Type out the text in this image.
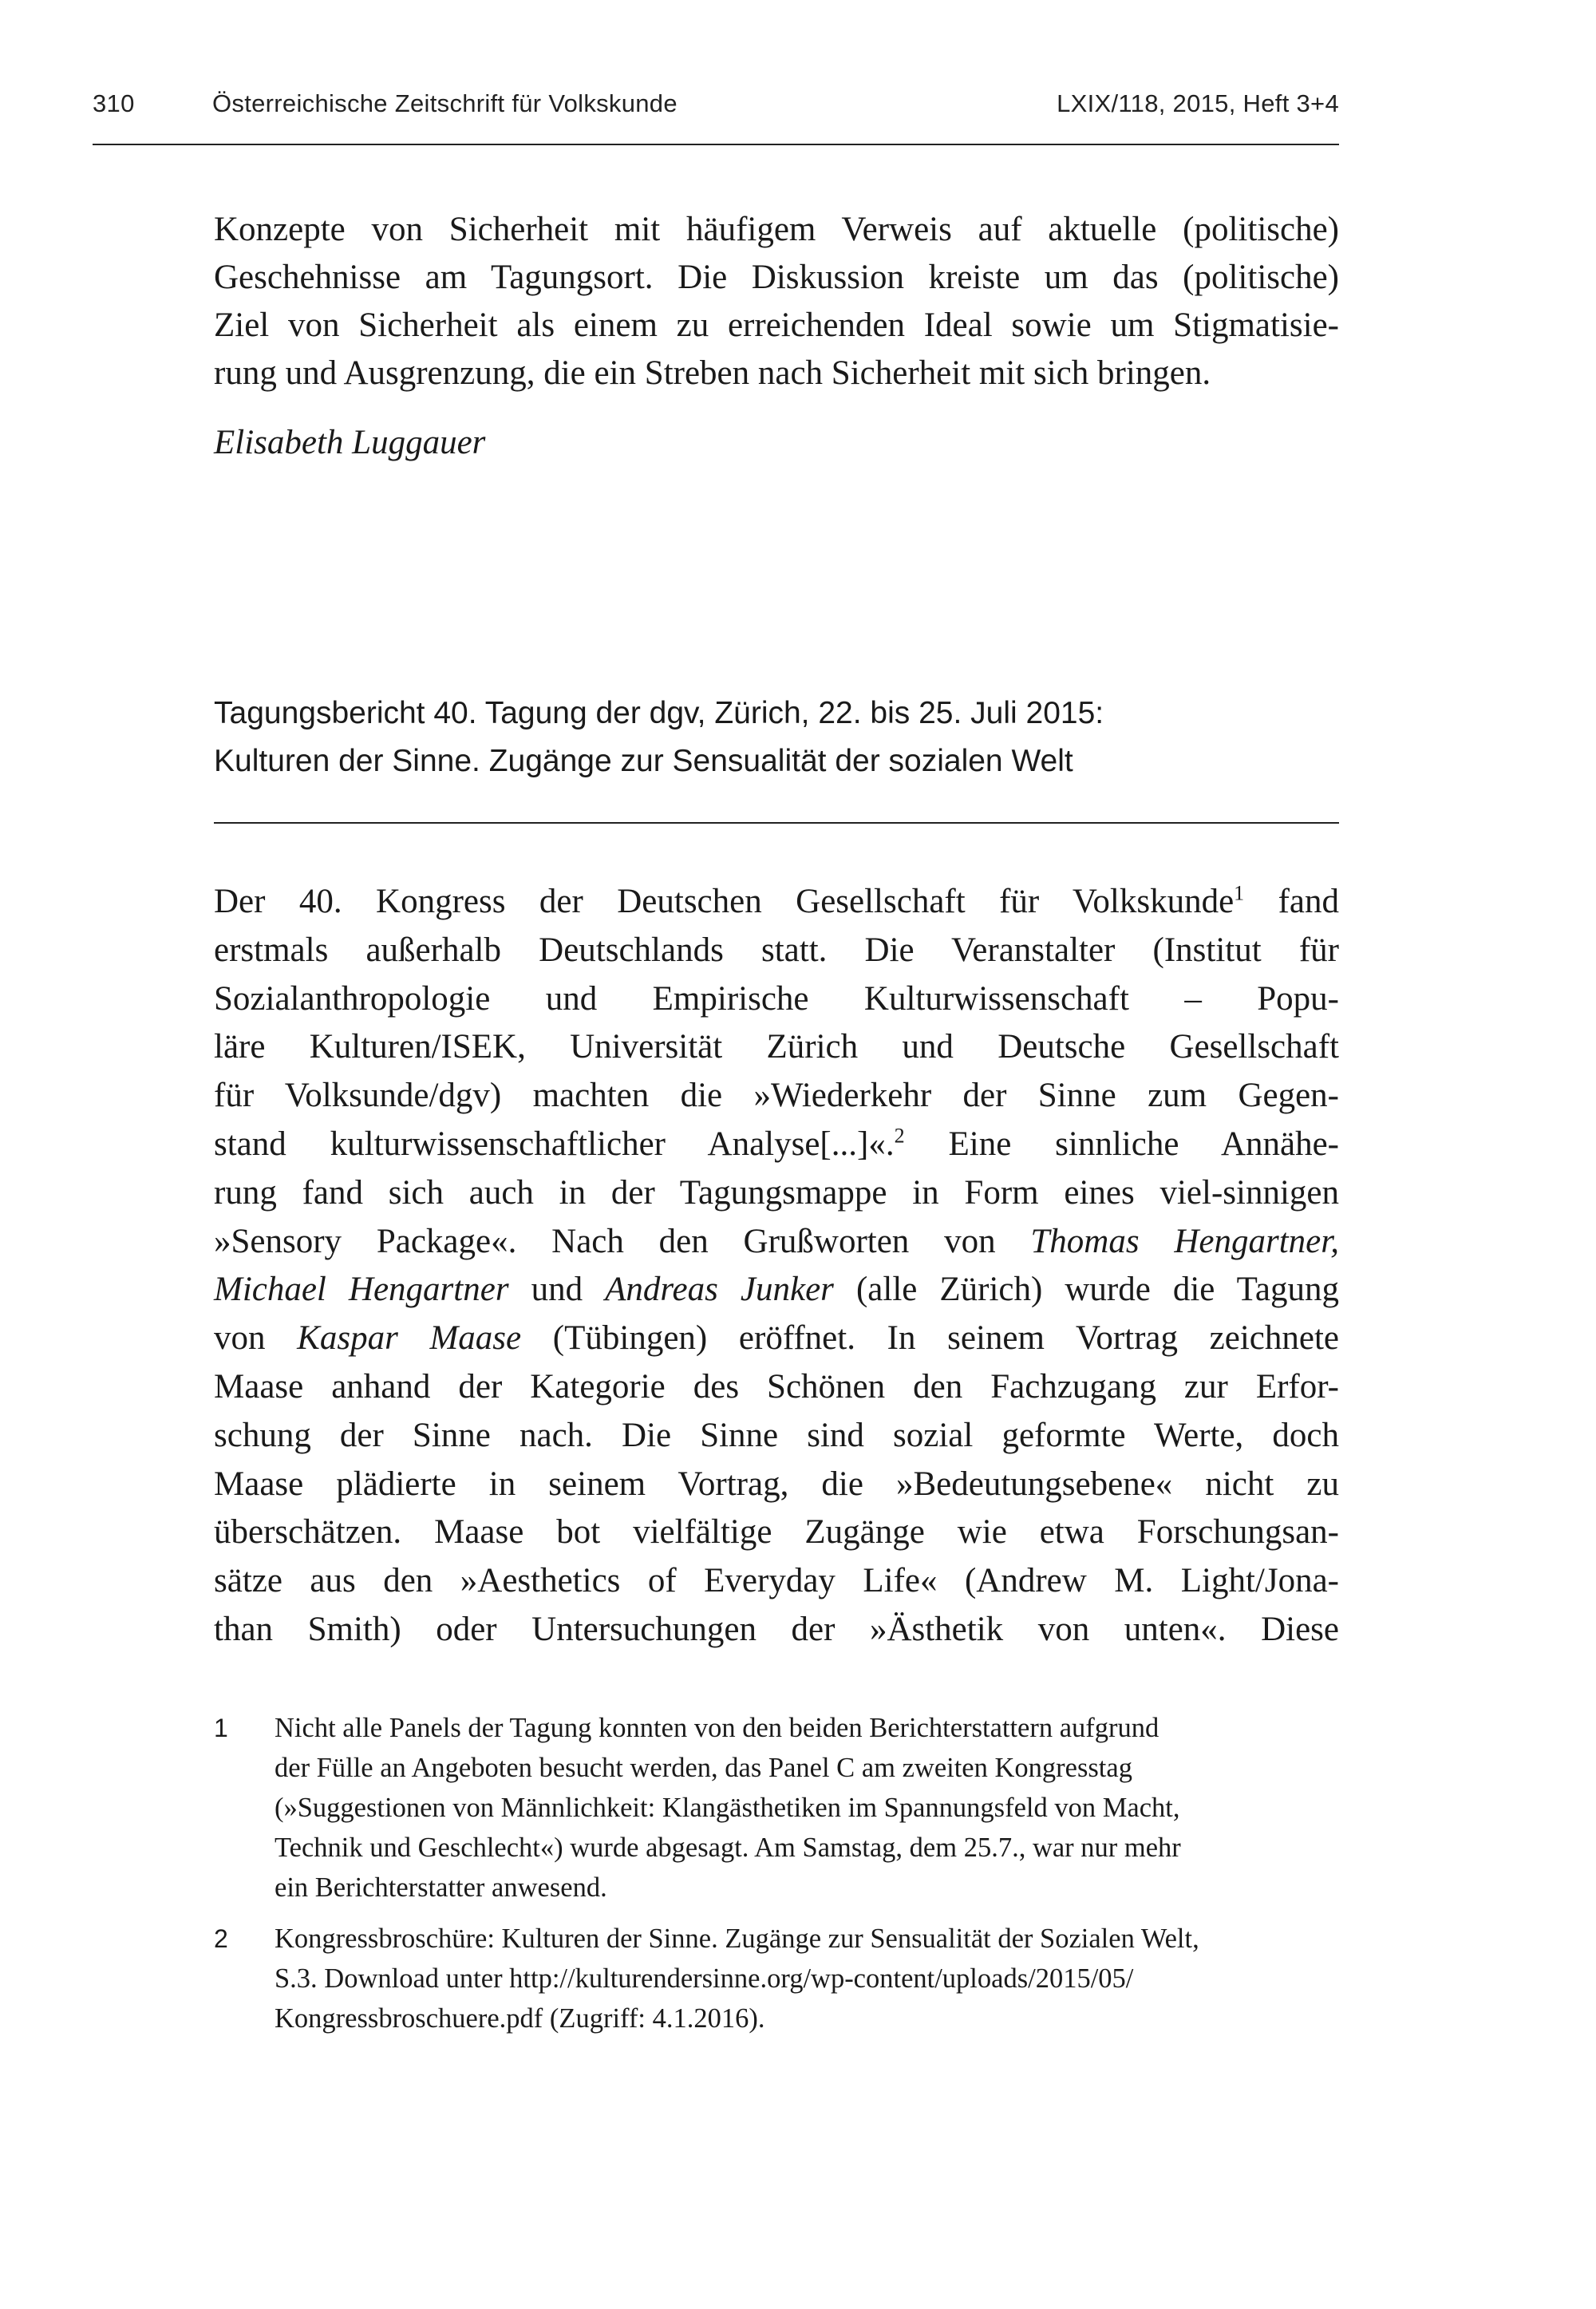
310	Österreichische Zeitschrift für Volkskunde	LXIX/118, 2015, Heft 3+4

Konzepte von Sicherheit mit häufigem Verweis auf aktuelle (politische)
Geschehnisse am Tagungsort. Die Diskussion kreiste um das (politische)
Ziel von Sicherheit als einem zu erreichenden Ideal sowie um Stigmatisie-
rung und Ausgrenzung, die ein Streben nach Sicherheit mit sich bringen.

Elisabeth Luggauer

Tagungsbericht 40. Tagung der dgv, Zürich, 22. bis 25. Juli 2015:
Kulturen der Sinne. Zugänge zur Sensualität der sozialen Welt

Der 40. Kongress der Deutschen Gesellschaft für Volkskunde$^1$ fand
erstmals außerhalb Deutschlands statt. Die Veranstalter (Institut für
Sozialanthropologie und Empirische Kulturwissenschaft – Popu-
läre Kulturen/ISEK, Universität Zürich und Deutsche Gesellschaft
für Volksunde/dgv) machten die »Wiederkehr der Sinne zum Gegen-
stand kulturwissenschaftlicher Analyse[...]«.$^2$ Eine sinnliche Annähe-
rung fand sich auch in der Tagungsmappe in Form eines viel-sinnigen
»Sensory Package«. Nach den Grußworten von Thomas Hengartner,
Michael Hengartner und Andreas Junker (alle Zürich) wurde die Tagung
von Kaspar Maase (Tübingen) eröffnet. In seinem Vortrag zeichnete
Maase anhand der Kategorie des Schönen den Fachzugang zur Erfor-
schung der Sinne nach. Die Sinne sind sozial geformte Werte, doch
Maase plädierte in seinem Vortrag, die »Bedeutungsebene« nicht zu
überschätzen. Maase bot vielfältige Zugänge wie etwa Forschungsan-
sätze aus den »Aesthetics of Everyday Life« (Andrew M. Light/Jona-
than Smith) oder Untersuchungen der »Ästhetik von unten«. Diese

1 Nicht alle Panels der Tagung konnten von den beiden Berichterstattern aufgrund
der Fülle an Angeboten besucht werden, das Panel C am zweiten Kongresstag
(»Suggestionen von Männlichkeit: Klangästhetiken im Spannungsfeld von Macht,
Technik und Geschlecht«) wurde abgesagt. Am Samstag, dem 25.7., war nur mehr
ein Berichterstatter anwesend.
2 Kongressbroschüre: Kulturen der Sinne. Zugänge zur Sensualität der Sozialen Welt,
S.3. Download unter http://kulturendersinne.org/wp-content/uploads/2015/05/
Kongressbroschuere.pdf (Zugriff: 4.1.2016).
